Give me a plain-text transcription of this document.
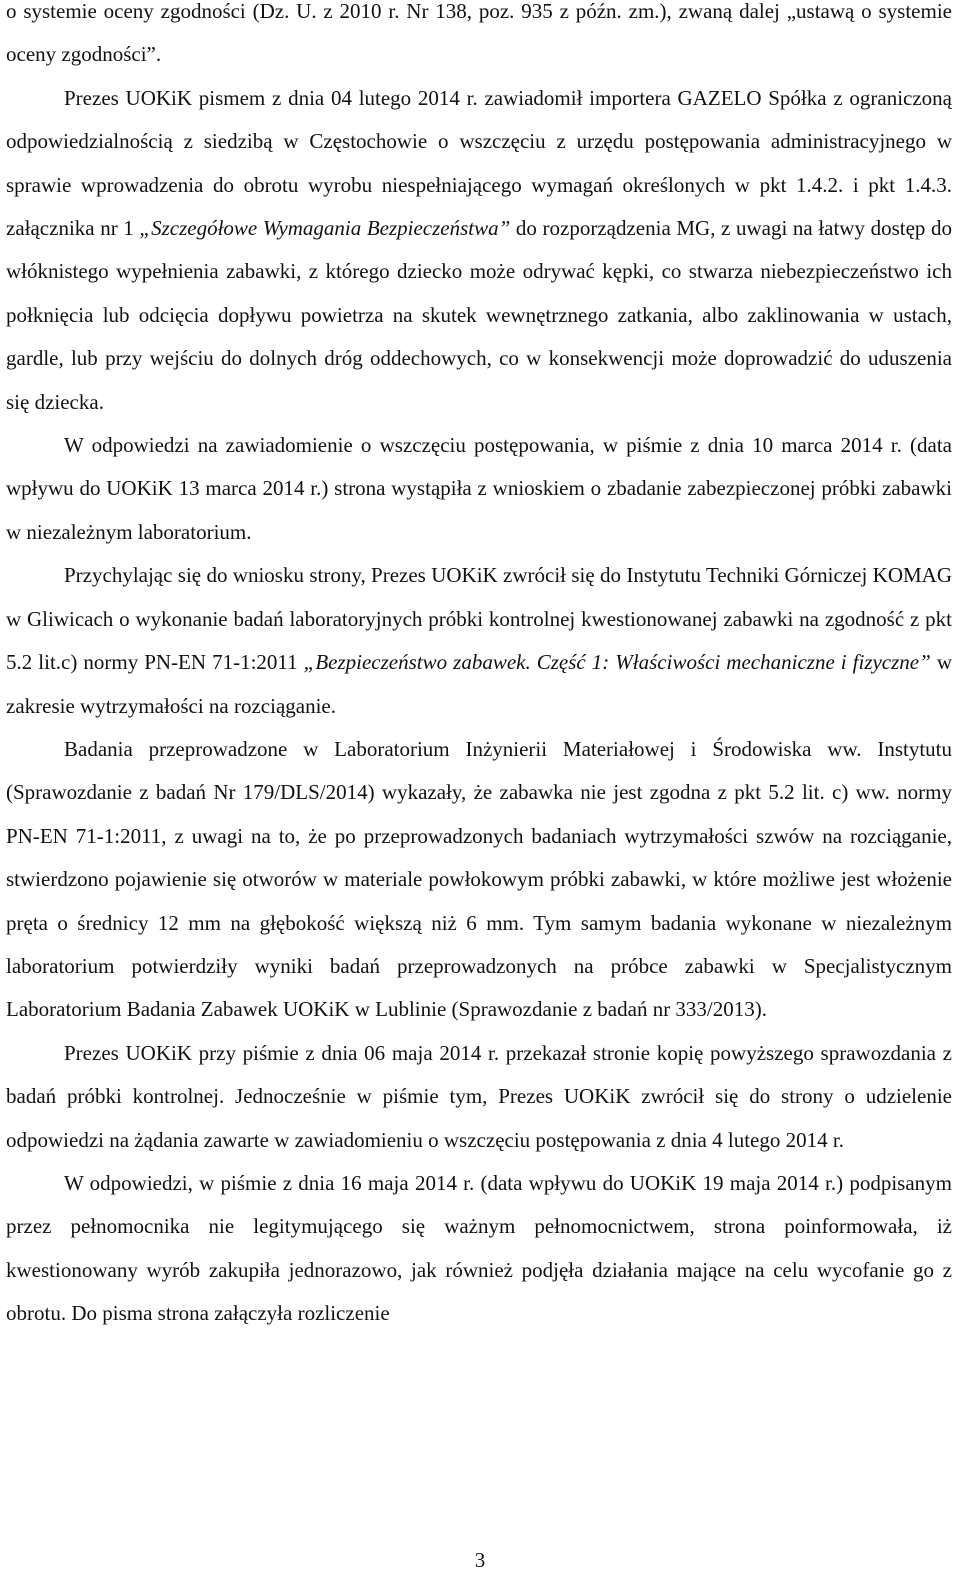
o systemie oceny zgodności (Dz. U. z 2010 r. Nr 138, poz. 935 z późn. zm.), zwaną dalej „ustawą o systemie oceny zgodności”.

Prezes UOKiK pismem z dnia 04 lutego 2014 r. zawiadomił importera GAZELO Spółka z ograniczoną odpowiedzialnością z siedzibą w Częstochowie o wszczęciu z urzędu postępowania administracyjnego w sprawie wprowadzenia do obrotu wyrobu niespełniającego wymagań określonych w pkt 1.4.2. i pkt 1.4.3. załącznika nr 1 „Szczegółowe Wymagania Bezpieczeństwa” do rozporządzenia MG, z uwagi na łatwy dostęp do włóknistego wypełnienia zabawki, z którego dziecko może odrywać kępki, co stwarza niebezpieczeństwo ich połknięcia lub odcięcia dopływu powietrza na skutek wewnętrznego zatkania, albo zaklinowania w ustach, gardle, lub przy wejściu do dolnych dróg oddechowych, co w konsekwencji może doprowadzić do uduszenia się dziecka.

W odpowiedzi na zawiadomienie o wszczęciu postępowania, w piśmie z dnia 10 marca 2014 r. (data wpływu do UOKiK 13 marca 2014 r.) strona wystąpiła z wnioskiem o zbadanie zabezpieczonej próbki zabawki w niezależnym laboratorium.

Przychylając się do wniosku strony, Prezes UOKiK zwrócił się do Instytutu Techniki Górniczej KOMAG w Gliwicach o wykonanie badań laboratoryjnych próbki kontrolnej kwestionowanej zabawki na zgodność z pkt 5.2 lit.c) normy PN-EN 71-1:2011 „Bezpieczeństwo zabawek. Część 1: Właściwości mechaniczne i fizyczne” w zakresie wytrzymałości na rozciąganie.

Badania przeprowadzone w Laboratorium Inżynierii Materiałowej i Środowiska ww. Instytutu (Sprawozdanie z badań Nr 179/DLS/2014) wykazały, że zabawka nie jest zgodna z pkt 5.2 lit. c) ww. normy PN-EN 71-1:2011, z uwagi na to, że po przeprowadzonych badaniach wytrzymałości szwów na rozciąganie, stwierdzono pojawienie się otworów w materiale powłokowym próbki zabawki, w które możliwe jest włożenie pręta o średnicy 12 mm na głębokość większą niż 6 mm. Tym samym badania wykonane w niezależnym laboratorium potwierdziły wyniki badań przeprowadzonych na próbce zabawki w Specjalistycznym Laboratorium Badania Zabawek UOKiK w Lublinie (Sprawozdanie z badań nr 333/2013).

Prezes UOKiK przy piśmie z dnia 06 maja 2014 r. przekazał stronie kopię powyższego sprawozdania z badań próbki kontrolnej. Jednocześnie w piśmie tym, Prezes UOKiK zwrócił się do strony o udzielenie odpowiedzi na żądania zawarte w zawiadomieniu o wszczęciu postępowania z dnia 4 lutego 2014 r.

W odpowiedzi, w piśmie z dnia 16 maja 2014 r. (data wpływu do UOKiK 19 maja 2014 r.) podpisanym przez pełnomocnika nie legitymującego się ważnym pełnomocnictwem, strona poinformowała, iż kwestionowany wyrób zakupiła jednorazowo, jak również podjęła działania mające na celu wycofanie go z obrotu. Do pisma strona załączyła rozliczenie

3
